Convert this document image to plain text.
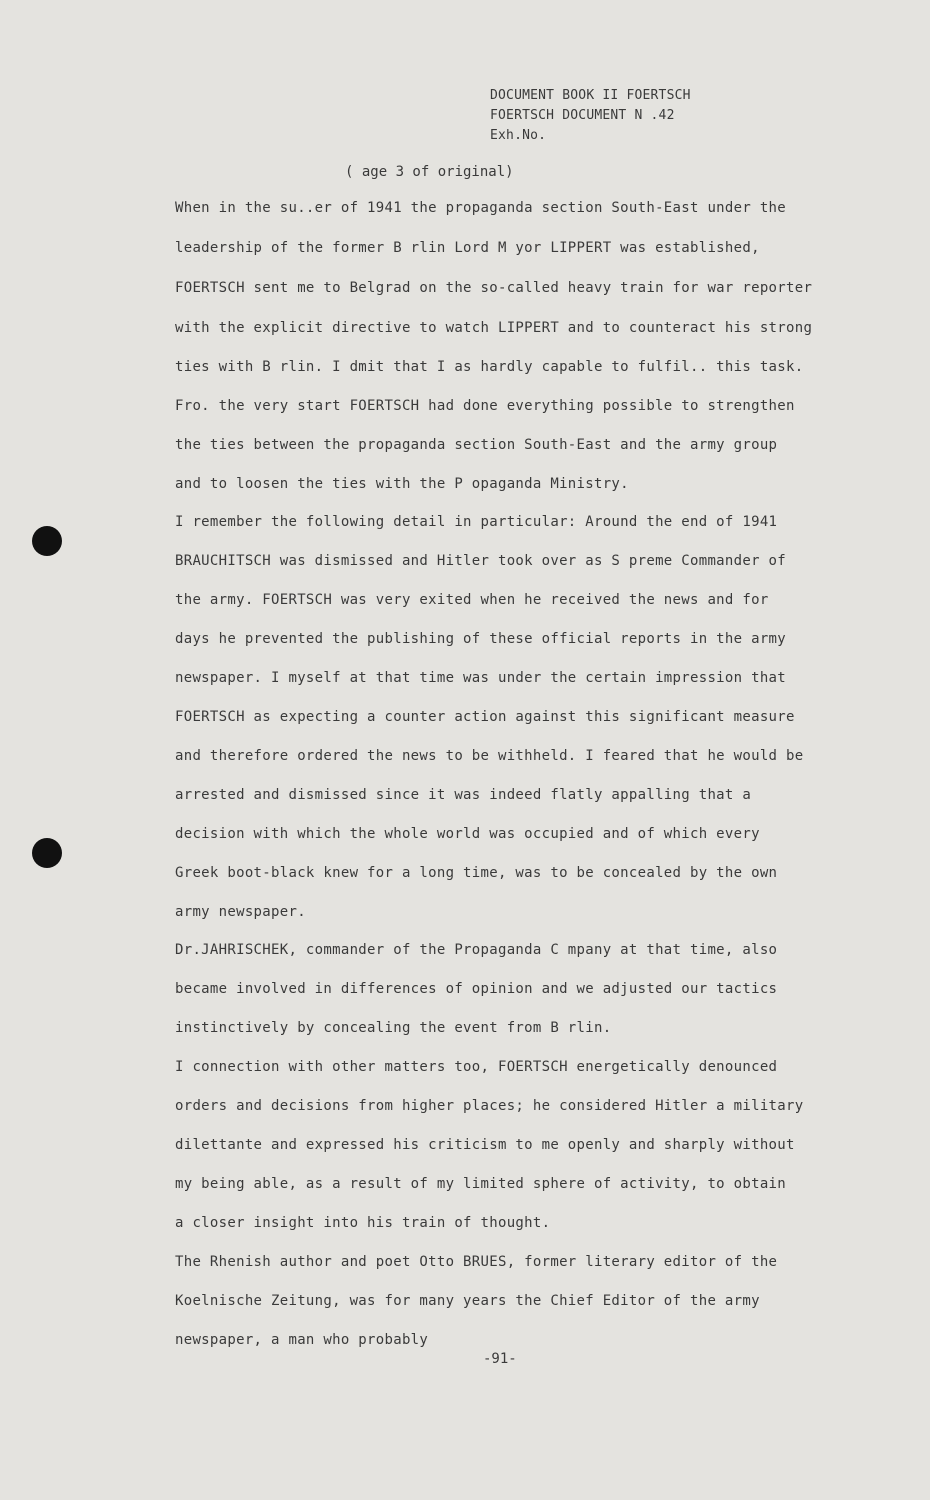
DOCUMENT BOOK II FOERTSCH
FOERTSCH DOCUMENT N .42
Exh.No.
( age 3 of original)
When in the su..er of 1941 the propaganda section South-East under the
leadership of the former B rlin Lord M yor LIPPERT was established,
FOERTSCH sent me to Belgrad on the so-called heavy train for war reporter
with the explicit directive to watch LIPPERT and to counteract his strong
ties with B rlin. I dmit that I as hardly capable to fulfil.. this task.
Fro. the very start FOERTSCH had done everything possible to strengthen
the ties between the propaganda section South-East and the army group
and to loosen the ties with the P opaganda Ministry.
I remember the following detail in particular: Around the end of 1941
BRAUCHITSCH was dismissed and Hitler took over as S preme Commander of
the army. FOERTSCH was very exited when he received the news and for
days he prevented the publishing of these official reports in the army
newspaper. I myself at that time was under the certain impression that
FOERTSCH as expecting a counter action against this significant measure
and therefore ordered the news to be withheld. I feared that he would be
arrested and dismissed since it was indeed flatly appalling that a
decision with which the whole world was occupied and of which every
Greek boot-black knew for a long time, was to be concealed by the own
army newspaper.
Dr.JAHRISCHEK, commander of the Propaganda C mpany at that time, also
became involved in differences of opinion and we adjusted our tactics
instinctively by concealing the event from B rlin.
I connection with other matters too, FOERTSCH energetically denounced
orders and decisions from higher places; he considered Hitler a military
dilettante and expressed his criticism to me openly and sharply without
my being able, as a result of my limited sphere of activity, to obtain
a closer insight into his train of thought.
The Rhenish author and poet Otto BRUES, former literary editor of the
Koelnische Zeitung, was for many years the Chief Editor of the army
newspaper, a man who probably
-91-
